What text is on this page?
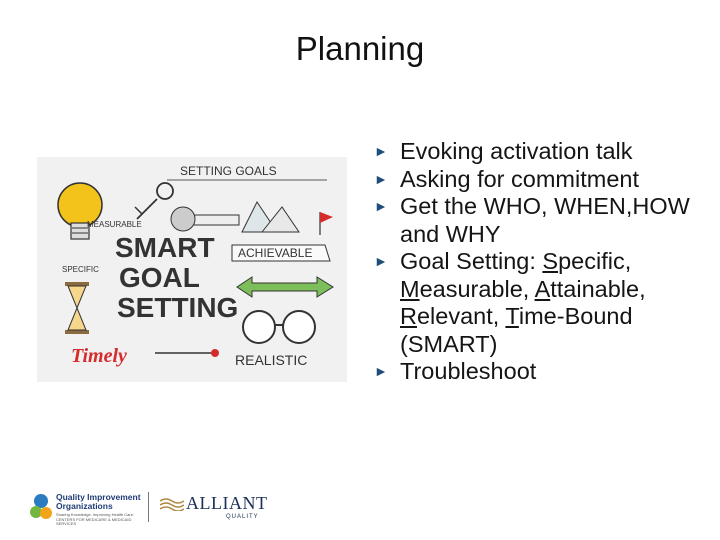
Planning
SETTING GOALS
MEASURABLE
SMART
GOAL
SETTING
SPECIFIC
ACHIEVABLE
Timely	REALISTIC
► Evoking activation talk
► Asking for commitment
► Get the WHO, WHEN,HOW and WHY
► Goal Setting: Specific, Measurable, Attainable, Relevant, Time-Bound (SMART)
► Troubleshoot
Quality Improvement Organizations
Sharing Knowledge. Improving Health Care.
CENTERS FOR MEDICARE & MEDICAID SERVICES
ALLIANT
QUALITY
